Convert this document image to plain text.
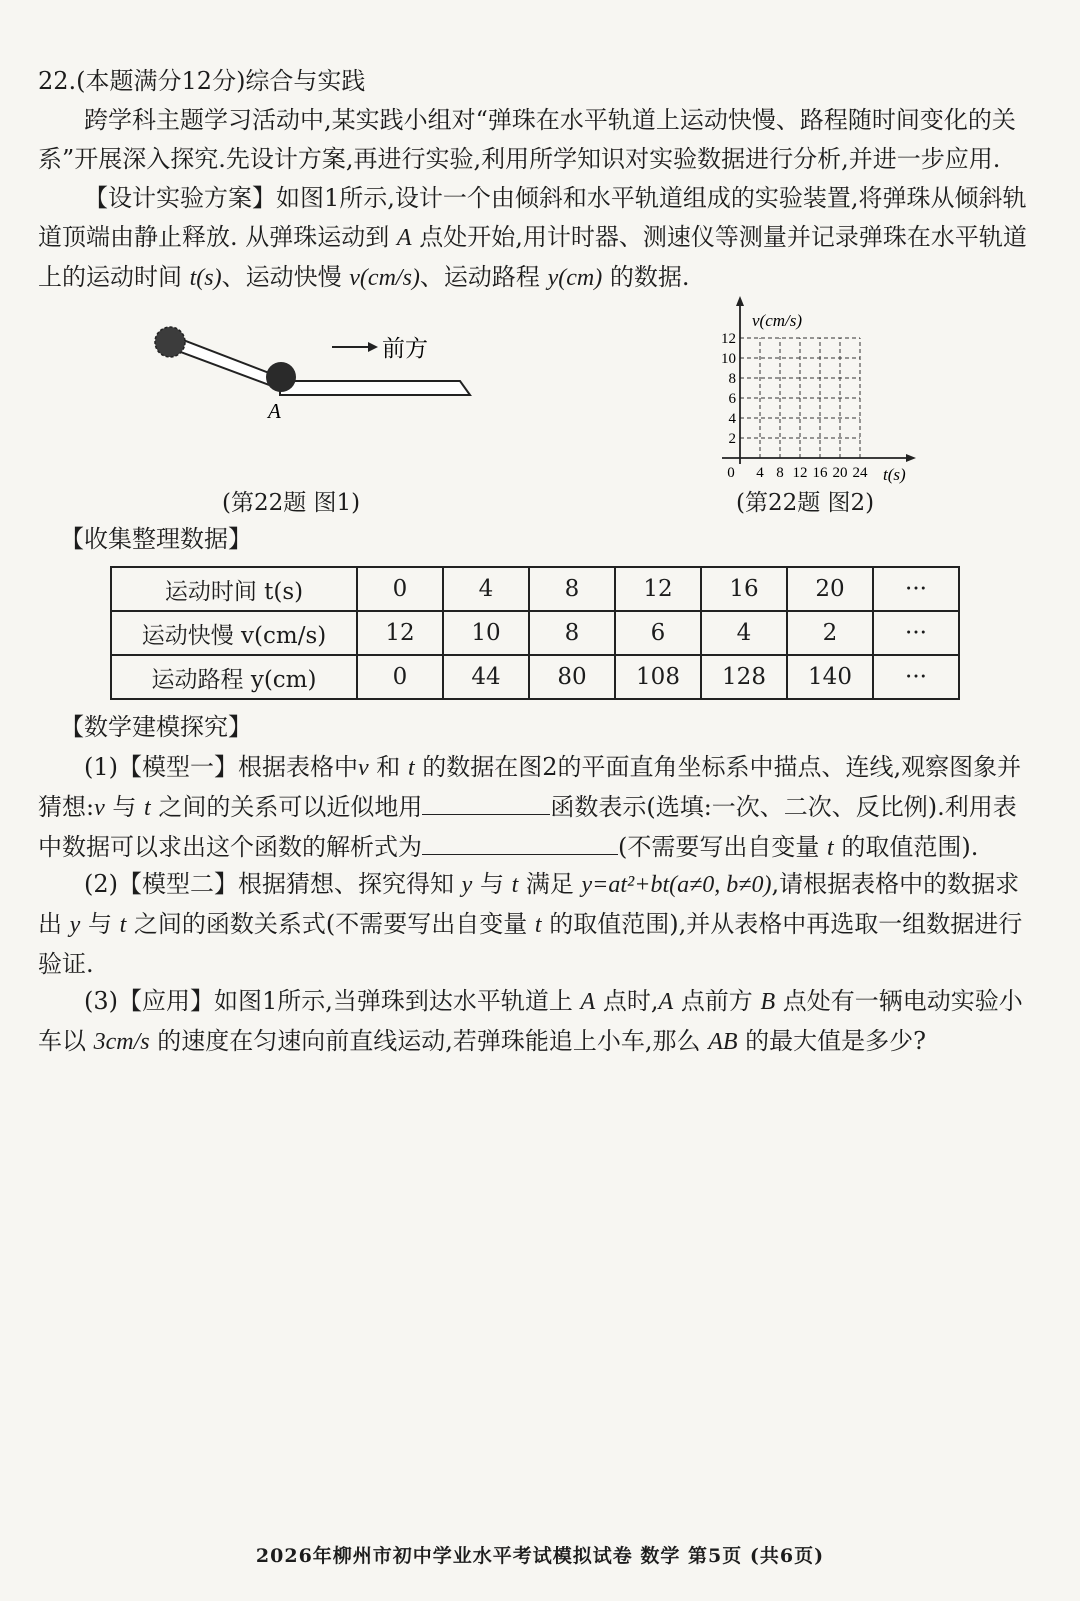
22.(本题满分12分)综合与实践

跨学科主题学习活动中,某实践小组对“弹珠在水平轨道上运动快慢、路程随时间变化的关系”开展深入探究.先设计方案,再进行实验,利用所学知识对实验数据进行分析,并进一步应用.

【设计实验方案】如图1所示,设计一个由倾斜和水平轨道组成的实验装置,将弹珠从倾斜轨道顶端由静止释放. 从弹珠运动到 A 点处开始,用计时器、测速仪等测量并记录弹珠在水平轨道上的运动时间 t(s)、运动快慢 v(cm/s)、运动路程 y(cm) 的数据.

前方
A
(第22题 图1)
v(cm/s)
t(s)
12
10
8
6
4
2
0 4 8 12 16 20 24
(第22题 图2)

【收集整理数据】

运动时间 t(s)	0	4	8	12	16	20	···
运动快慢 v(cm/s)	12	10	8	6	4	2	···
运动路程 y(cm)	0	44	80	108	128	140	···

【数学建模探究】

(1)【模型一】根据表格中v 和 t 的数据在图2的平面直角坐标系中描点、连线,观察图象并猜想:v 与 t 之间的关系可以近似地用	函数表示(选填:一次、二次、反比例).利用表中数据可以求出这个函数的解析式为	(不需要写出自变量 t 的取值范围).

(2)【模型二】根据猜想、探究得知 y 与 t 满足 y=at²+bt(a≠0, b≠0),请根据表格中的数据求出 y 与 t 之间的函数关系式(不需要写出自变量 t 的取值范围),并从表格中再选取一组数据进行验证.

(3)【应用】如图1所示,当弹珠到达水平轨道上 A 点时,A 点前方 B 点处有一辆电动实验小车以 3cm/s 的速度在匀速向前直线运动,若弹珠能追上小车,那么 AB 的最大值是多少?

2026年柳州市初中学业水平考试模拟试卷 数学 第5页 (共6页)
